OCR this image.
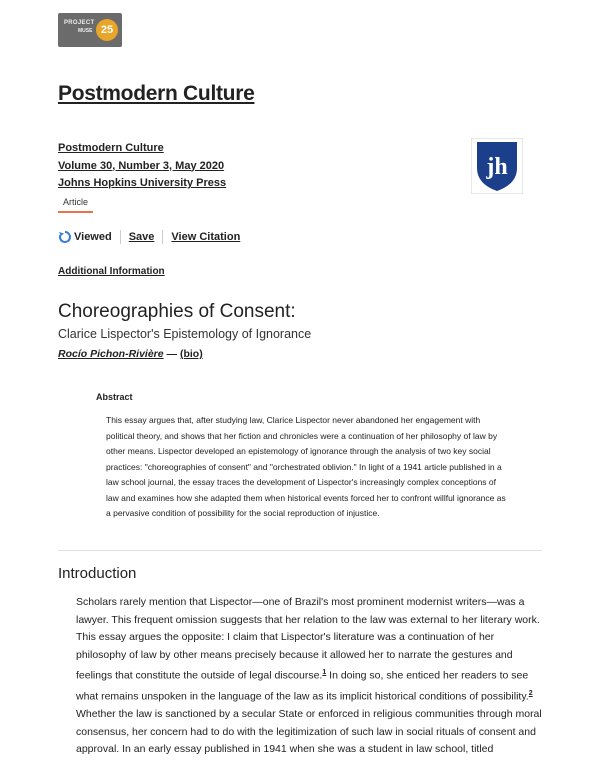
PROJECT
MUSE 25
Postmodern Culture
Postmodern Culture
Volume 30, Number 3, May 2020
Johns Hopkins University Press
jh
Article
Viewed Save View Citation
Additional Information
Choreographies of Consent:
Clarice Lispector's Epistemology of Ignorance
Rocío Pichon-Rivière — (bio)
Abstract
This essay argues that, after studying law, Clarice Lispector never abandoned her engagement with political theory, and shows that her fiction and chronicles were a continuation of her philosophy of law by other means. Lispector developed an epistemology of ignorance through the analysis of two key social practices: "choreographies of consent" and "orchestrated oblivion." In light of a 1941 article published in a law school journal, the essay traces the development of Lispector's increasingly complex conceptions of law and examines how she adapted them when historical events forced her to confront willful ignorance as a pervasive condition of possibility for the social reproduction of injustice.
Introduction
Scholars rarely mention that Lispector—one of Brazil's most prominent modernist writers—was a lawyer. This frequent omission suggests that her relation to the law was external to her literary work. This essay argues the opposite: I claim that Lispector's literature was a continuation of her philosophy of law by other means precisely because it allowed her to narrate the gestures and feelings that constitute the outside of legal discourse.$^1$ In doing so, she enticed her readers to see what remains unspoken in the language of the law as its implicit historical conditions of possibility.$^2$ Whether the law is sanctioned by a secular State or enforced in religious communities through moral consensus, her concern had to do with the legitimization of such law in social rituals of consent and approval. In an early essay published in 1941 when she was a student in law school, titled
